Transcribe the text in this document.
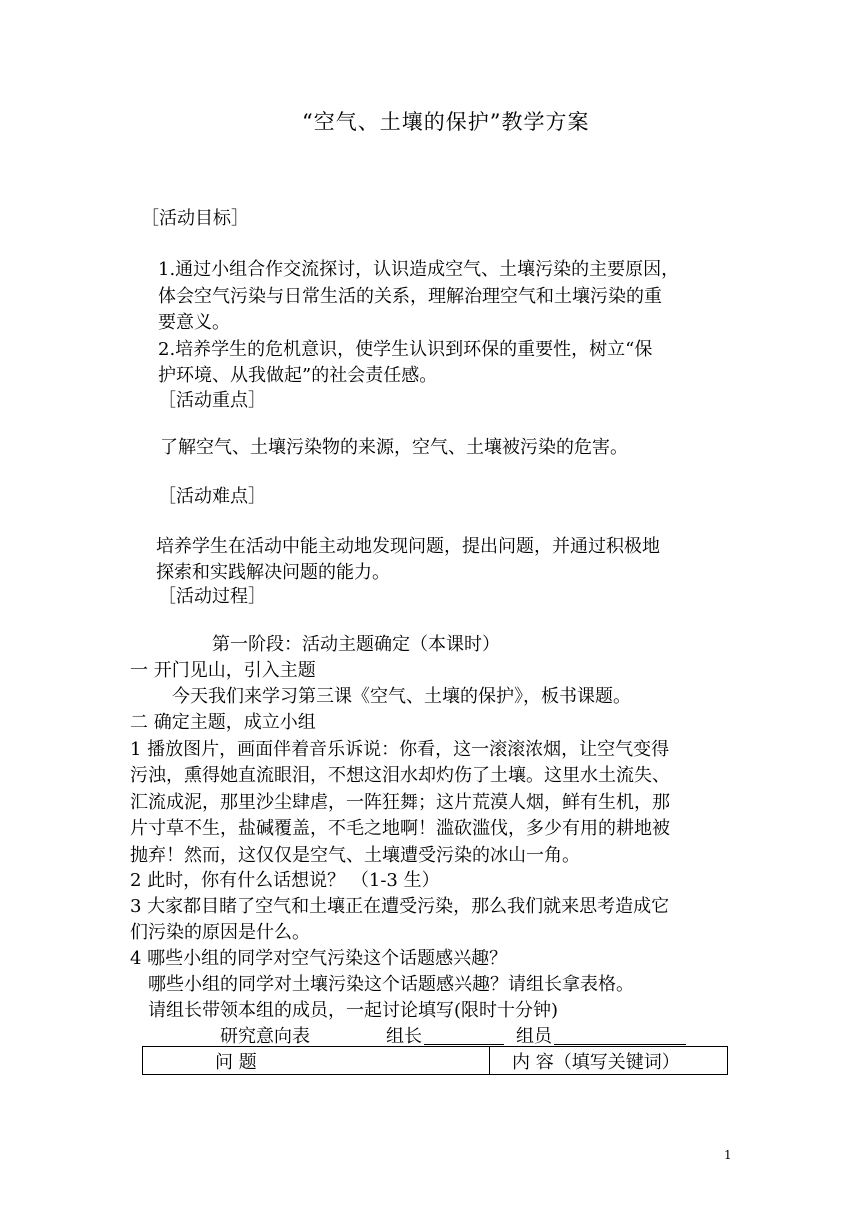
“空气、土壤的保护”教学方案
［活动目标］
1.通过小组合作交流探讨，认识造成空气、土壤污染的主要原因，
体会空气污染与日常生活的关系，理解治理空气和土壤污染的重
要意义。
2.培养学生的危机意识，使学生认识到环保的重要性，树立“保
护环境、从我做起”的社会责任感。
［活动重点］
了解空气、土壤污染物的来源，空气、土壤被污染的危害。
［活动难点］
培养学生在活动中能主动地发现问题，提出问题，并通过积极地
探索和实践解决问题的能力。
［活动过程］
第一阶段：活动主题确定（本课时）
一 开门见山，引入主题
今天我们来学习第三课《空气、土壤的保护》，板书课题。
二 确定主题，成立小组
1 播放图片，画面伴着音乐诉说：你看，这一滚滚浓烟，让空气变得
污浊，熏得她直流眼泪，不想这泪水却灼伤了土壤。这里水土流失、
汇流成泥，那里沙尘肆虐，一阵狂舞；这片荒漠人烟，鲜有生机，那
片寸草不生，盐碱覆盖，不毛之地啊！滥砍滥伐，多少有用的耕地被
抛弃！然而，这仅仅是空气、土壤遭受污染的冰山一角。
2 此时，你有什么话想说？ （1-3 生）
3 大家都目睹了空气和土壤正在遭受污染，那么我们就来思考造成它
们污染的原因是什么。
4 哪些小组的同学对空气污染这个话题感兴趣？
哪些小组的同学对土壤污染这个话题感兴趣？请组长拿表格。
请组长带领本组的成员，一起讨论填写(限时十分钟)
研究意向表	组长	组员
问 题	内 容（填写关键词）
1
